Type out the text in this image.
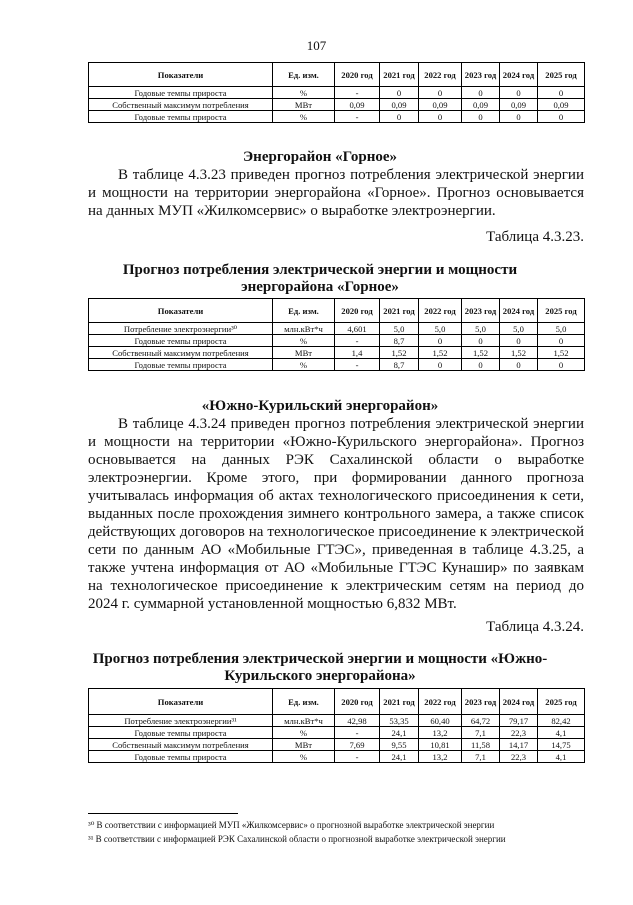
107
Показатели	Ед. изм.	2020 год	2021 год	2022 год	2023 год	2024 год	2025 год
Годовые темпы прироста	%	-	0	0	0	0	0
Собственный максимум потребления	МВт	0,09	0,09	0,09	0,09	0,09	0,09
Годовые темпы прироста	%	-	0	0	0	0	0
Энергорайон «Горное»
В таблице 4.3.23 приведен прогноз потребления электрической энергии и мощности на территории энергорайона «Горное». Прогноз основывается на данных МУП «Жилкомсервис» о выработке электроэнергии.
Таблица 4.3.23.
Прогноз потребления электрической энергии и мощности
энергорайона «Горное»
Показатели	Ед. изм.	2020 год	2021 год	2022 год	2023 год	2024 год	2025 год
Потребление электроэнергии³⁰	млн.кВт*ч	4,601	5,0	5,0	5,0	5,0	5,0
Годовые темпы прироста	%	-	8,7	0	0	0	0
Собственный максимум потребления	МВт	1,4	1,52	1,52	1,52	1,52	1,52
Годовые темпы прироста	%	-	8,7	0	0	0	0
«Южно-Курильский энергорайон»
В таблице 4.3.24 приведен прогноз потребления электрической энергии и мощности на территории «Южно-Курильского энергорайона». Прогноз основывается на данных РЭК Сахалинской области о выработке электроэнергии. Кроме этого, при формировании данного прогноза учитывалась информация об актах технологического присоединения к сети, выданных после прохождения зимнего контрольного замера, а также список действующих договоров на технологическое присоединение к электрической сети по данным АО «Мобильные ГТЭС», приведенная в таблице 4.3.25, а также учтена информация от АО «Мобильные ГТЭС Кунашир» по заявкам на технологическое присоединение к электрическим сетям на период до 2024 г. суммарной установленной мощностью 6,832 МВт.
Таблица 4.3.24.
Прогноз потребления электрической энергии и мощности «Южно-
Курильского энергорайона»
Показатели	Ед. изм.	2020 год	2021 год	2022 год	2023 год	2024 год	2025 год
Потребление электроэнергии³¹	млн.кВт*ч	42,98	53,35	60,40	64,72	79,17	82,42
Годовые темпы прироста	%	-	24,1	13,2	7,1	22,3	4,1
Собственный максимум потребления	МВт	7,69	9,55	10,81	11,58	14,17	14,75
Годовые темпы прироста	%	-	24,1	13,2	7,1	22,3	4,1
³⁰ В соответствии с информацией МУП «Жилкомсервис» о прогнозной выработке электрической энергии
³¹ В соответствии с информацией РЭК Сахалинской области о прогнозной выработке электрической энергии
